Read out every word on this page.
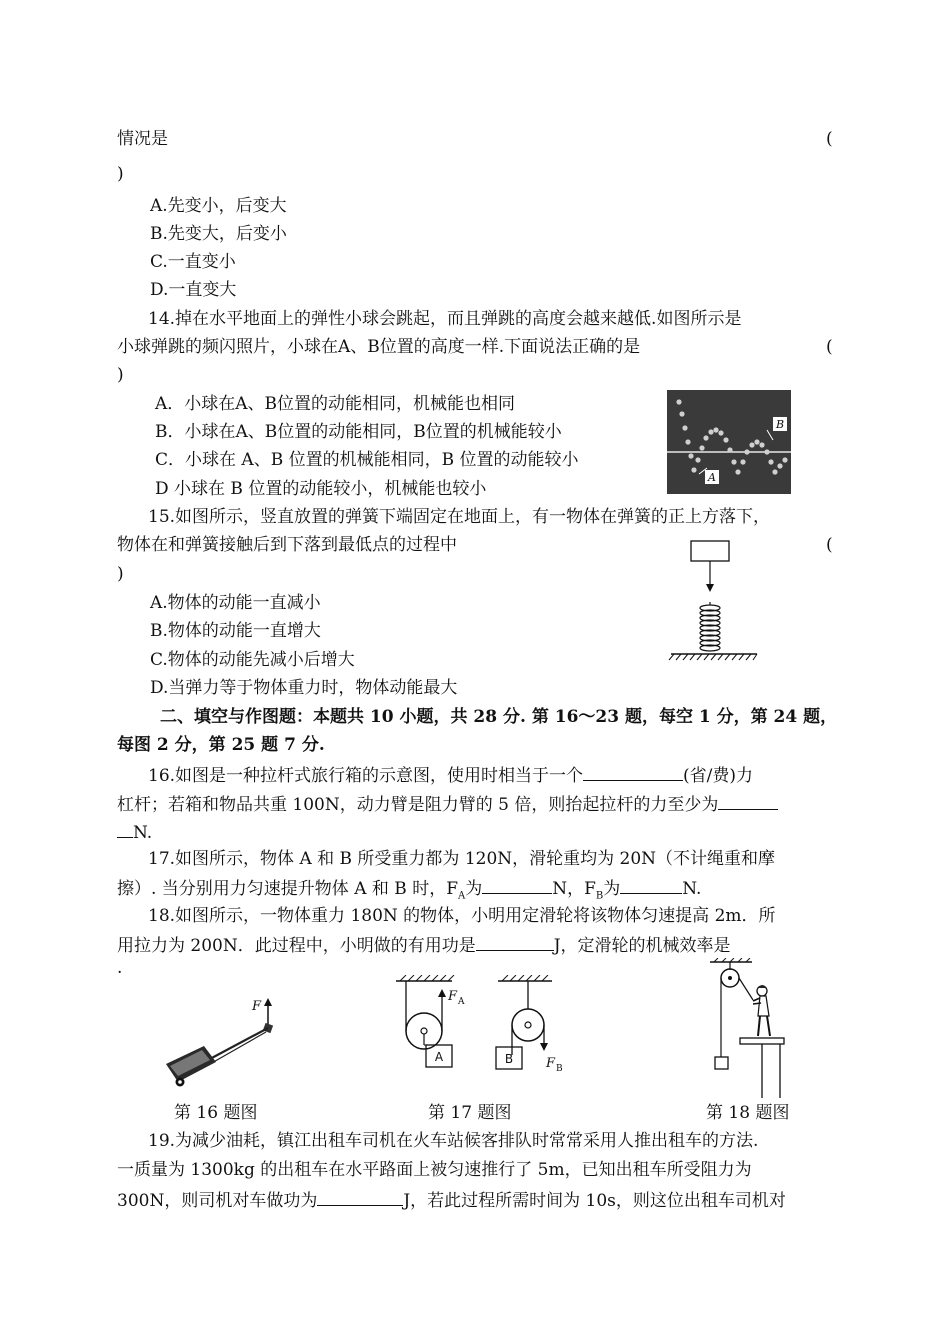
情况是	(
)
A.先变小，后变大
B.先变大，后变小
C.一直变小
D.一直变大
14.掉在水平地面上的弹性小球会跳起，而且弹跳的高度会越来越低.如图所示是
小球弹跳的频闪照片，小球在A、B位置的高度一样.下面说法正确的是	(
)
A．小球在A、B位置的动能相同，机械能也相同
B．小球在A、B位置的动能相同，B位置的机械能较小
C．小球在 A、B 位置的机械能相同，B 位置的动能较小
D 小球在 B 位置的动能较小，机械能也较小
A
B
15.如图所示，竖直放置的弹簧下端固定在地面上，有一物体在弹簧的正上方落下，
物体在和弹簧接触后到下落到最低点的过程中	(
)
A.物体的动能一直减小
B.物体的动能一直增大
C.物体的动能先减小后增大
D.当弹力等于物体重力时，物体动能最大
二、填空与作图题：本题共 10 小题，共 28 分. 第 16～23 题，每空 1 分，第 24 题，
每图 2 分，第 25 题 7 分.
16.如图是一种拉杆式旅行箱的示意图，使用时相当于一个	(省/费)力
杠杆；若箱和物品共重 100N，动力臂是阻力臂的 5 倍，则抬起拉杆的力至少为
N.
17.如图所示，物体 A 和 B 所受重力都为 120N，滑轮重均为 20N（不计绳重和摩
擦）. 当分别用力匀速提升物体 A 和 B 时，$F_A$为	N，$F_B$为	N.
18.如图所示，一物体重力 180N 的物体，小明用定滑轮将该物体匀速提高 2m．所
用拉力为 200N．此过程中，小明做的有用功是	J，定滑轮的机械效率是
.
F
F A
A	F B
B
第 16 题图	第 17 题图	第 18 题图
19.为减少油耗，镇江出租车司机在火车站候客排队时常常采用人推出租车的方法.
一质量为 1300kg 的出租车在水平路面上被匀速推行了 5m，已知出租车所受阻力为
300N，则司机对车做功为	J，若此过程所需时间为 10s，则这位出租车司机对
